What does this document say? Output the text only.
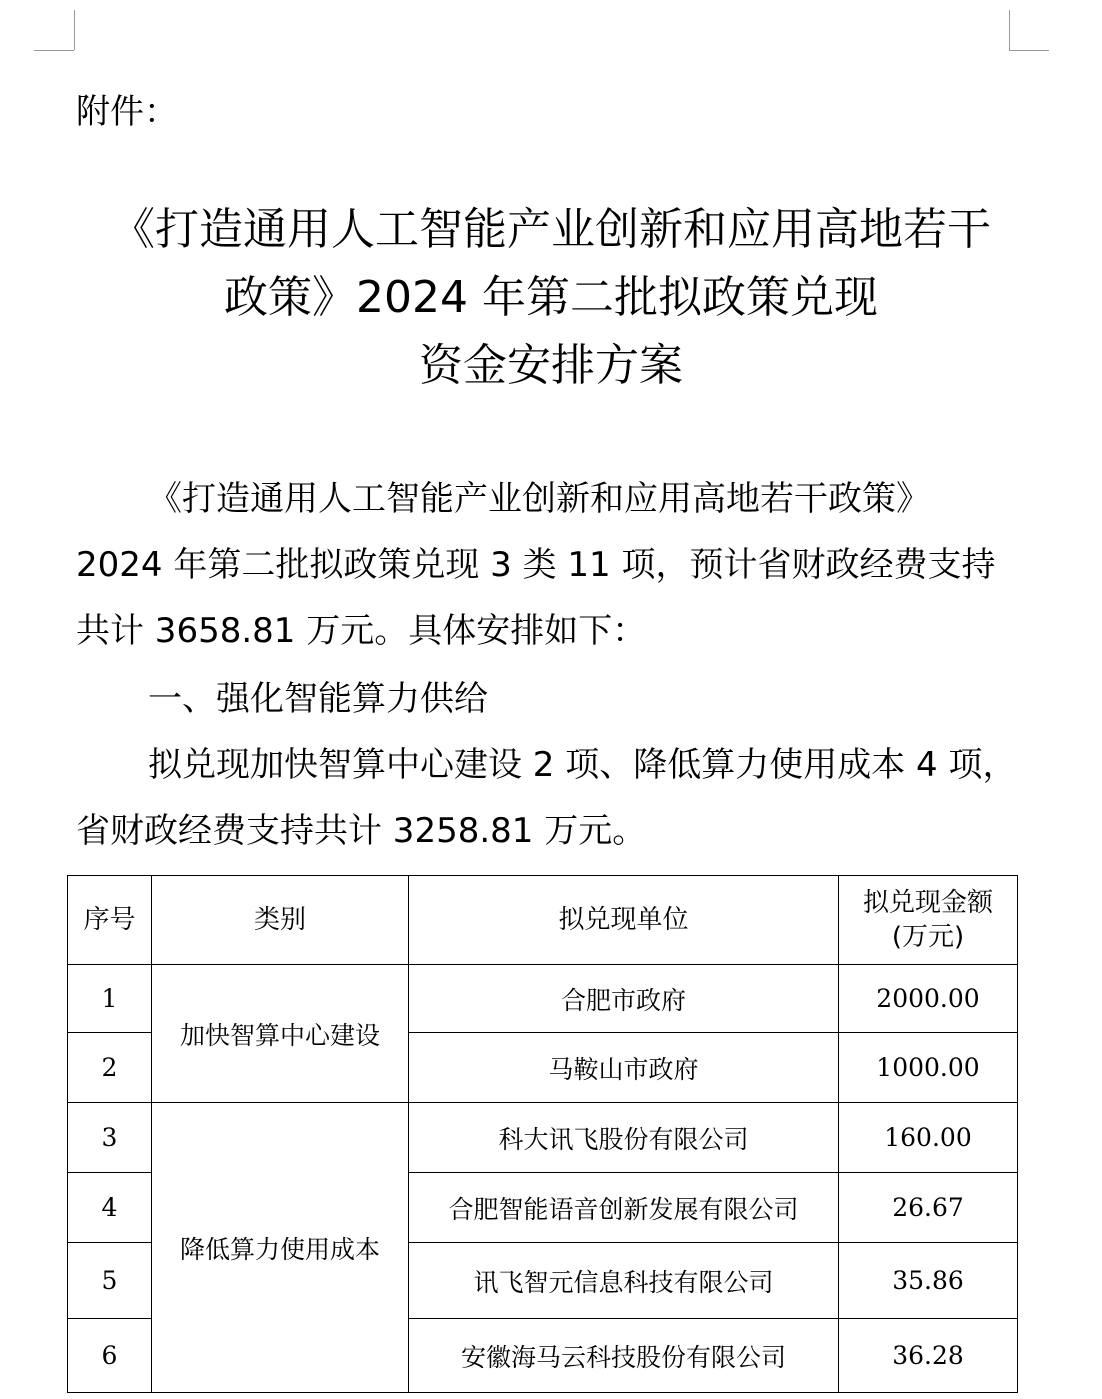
附件：
《打造通用人工智能产业创新和应用高地若干
政策》2024 年第二批拟政策兑现
资金安排方案
《打造通用人工智能产业创新和应用高地若干政策》
2024 年第二批拟政策兑现 3 类 11 项，预计省财政经费支持
共计 3658.81 万元。具体安排如下：
一、强化智能算力供给
拟兑现加快智算中心建设 2 项、降低算力使用成本 4 项，
省财政经费支持共计 3258.81 万元。
序号	类别	拟兑现单位	拟兑现金额
(万元)

1	加快智算中心建设	合肥市政府	2000.00
2		马鞍山市政府	1000.00
3	降低算力使用成本	科大讯飞股份有限公司	160.00
4		合肥智能语音创新发展有限公司	26.67
5		讯飞智元信息科技有限公司	35.86
6		安徽海马云科技股份有限公司	36.28
